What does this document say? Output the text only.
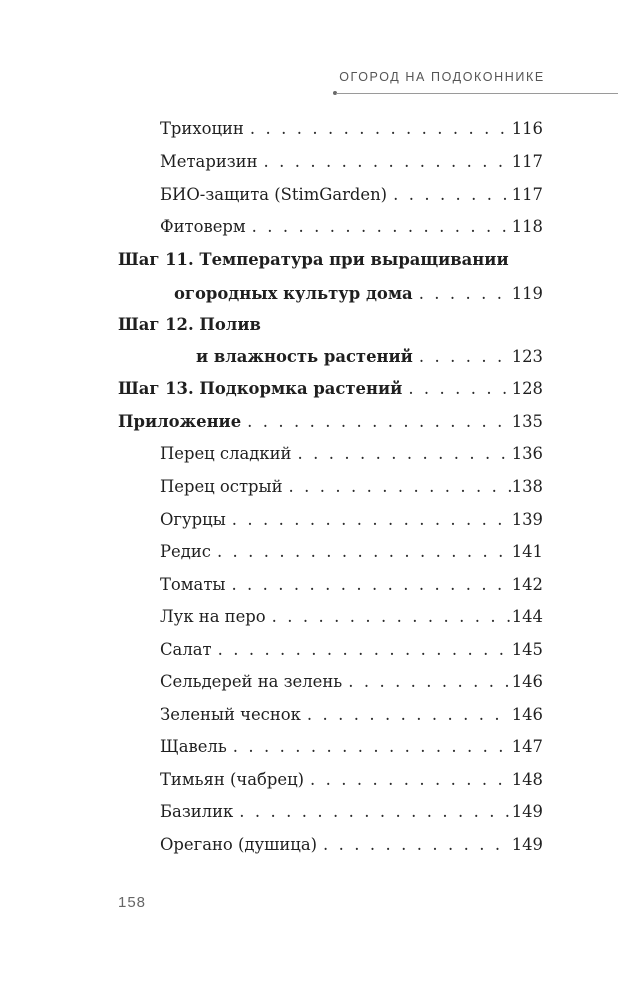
ОГОРОД НА ПОДОКОННИКЕ
Трихоцин . . .	116
Метаризин . . .	117
БИО-защита (StimGarden) . . .	117
Фитоверм . . .	118
Шаг 11. Температура при выращивании
огородных культур дома . . .	119
Шаг 12. Полив
и влажность растений . . .	123
Шаг 13. Подкормка растений . . .	128
Приложение . . .	135
Перец сладкий . . .	136
Перец острый . . .	138
Огурцы . . .	139
Редис . . .	141
Томаты . . .	142
Лук на перо . . .	144
Салат . . .	145
Сельдерей на зелень . . .	146
Зеленый чеснок . . .	146
Щавель . . .	147
Тимьян (чабрец) . . .	148
Базилик . . .	149
Орегано (душица) . . .	149
158
